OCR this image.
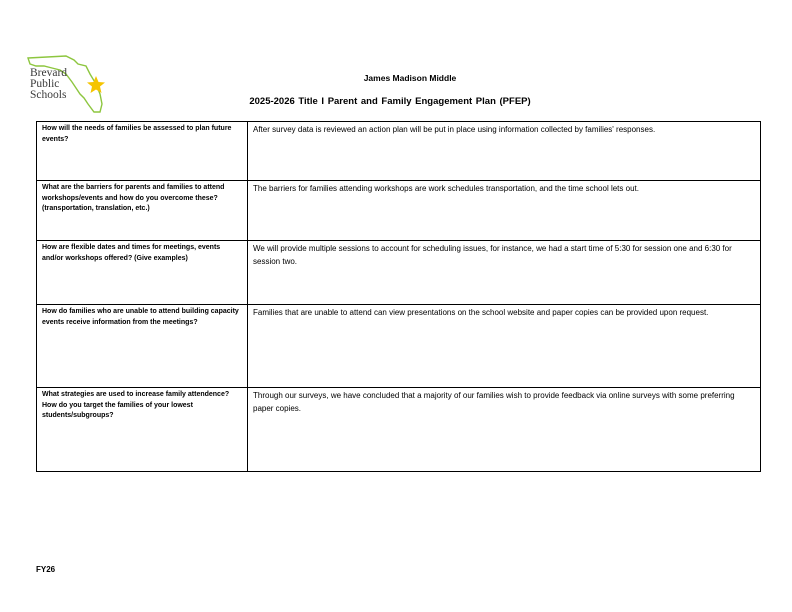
Brevard
Public
Schools
James Madison Middle
2025-2026 Title I Parent and Family Engagement Plan (PFEP)
How will the needs of families be assessed to plan future events?	After survey data is reviewed an action plan will be put in place using information collected by families' responses.
What are the barriers for parents and families to attend workshops/events and how do you overcome these? (transportation, translation, etc.)	The barriers for families attending workshops are work schedules transportation, and the time school lets out.
How are flexible dates and times for meetings, events and/or workshops offered? (Give examples)	We will provide multiple sessions to account for scheduling issues, for instance, we had a start time of 5:30 for session one and 6:30 for session two.
How do families who are unable to attend building capacity events receive information from the meetings?	Families that are unable to attend can view presentations on the school website and paper copies can be provided upon request.
What strategies are used to increase family attendence? How do you target the families of your lowest students/subgroups?	Through our surveys, we have concluded that a majority of our families wish to provide feedback via online surveys with some preferring paper copies.
FY26
